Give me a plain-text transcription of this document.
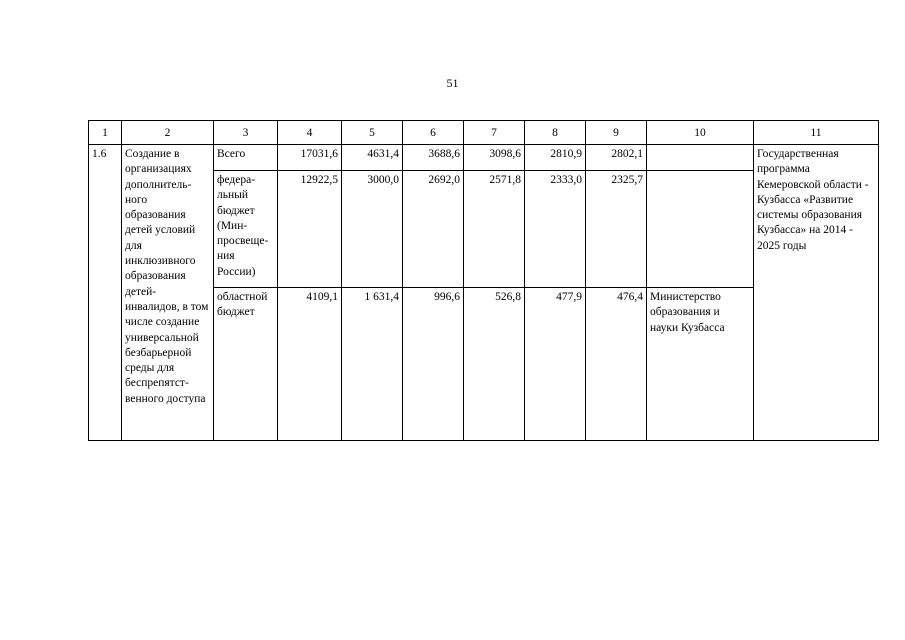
51
1	2	3	4	5	6	7	8	9	10	11
1.6	Создание в организациях дополнитель-ного образования детей условий для инклюзивного образования детей-инвалидов, в том числе создание универсальной безбарьерной среды для беспрепятст-венного доступа	Всего	17031,6	4631,4	3688,6	3098,6	2810,9	2802,1		Государственная программа Кемеровской области - Кузбасса «Развитие системы образования Кузбасса» на 2014 - 2025 годы
		федера-льный бюджет (Мин-просвеще-ния России)	12922,5	3000,0	2692,0	2571,8	2333,0	2325,7		
		областной бюджет	4109,1	1 631,4	996,6	526,8	477,9	476,4	Министерство образования и науки Кузбасса	
